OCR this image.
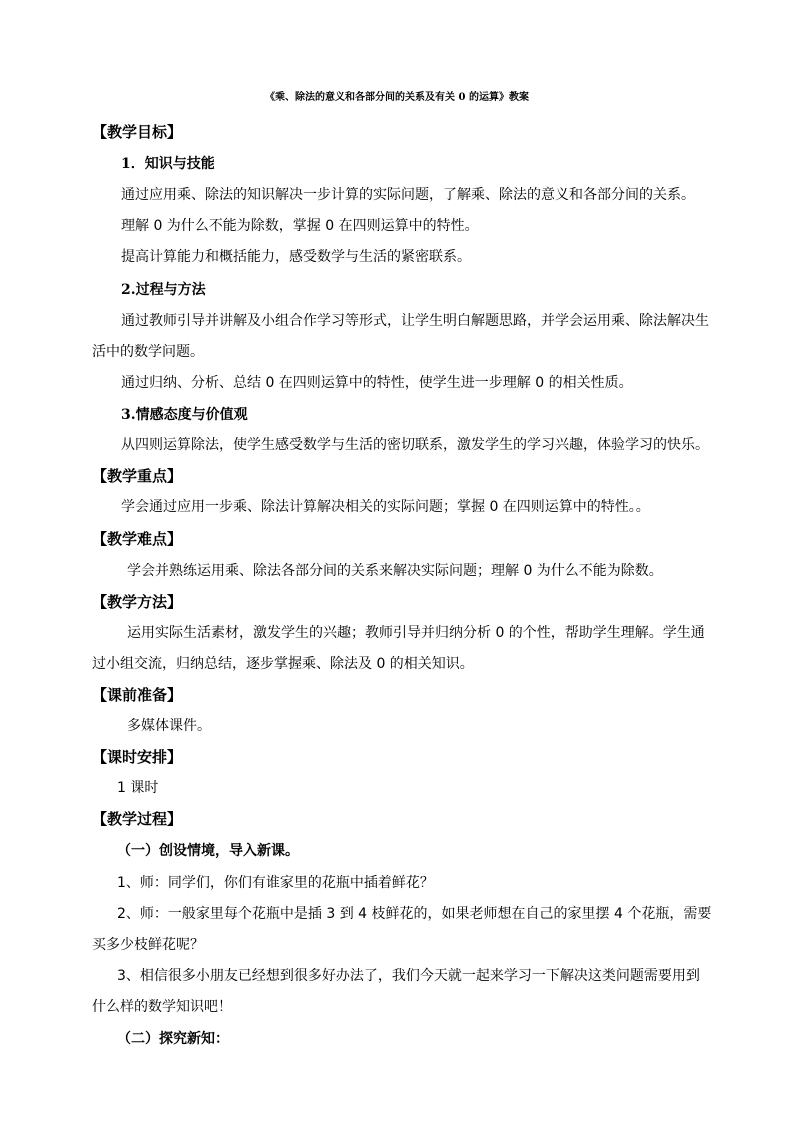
《乘、除法的意义和各部分间的关系及有关 0 的运算》教案
【教学目标】
1．知识与技能
通过应用乘、除法的知识解决一步计算的实际问题，了解乘、除法的意义和各部分间的关系。
理解 0 为什么不能为除数，掌握 0 在四则运算中的特性。
提高计算能力和概括能力，感受数学与生活的紧密联系。
2.过程与方法
通过教师引导并讲解及小组合作学习等形式，让学生明白解题思路，并学会运用乘、除法解决生
活中的数学问题。
通过归纳、分析、总结 0 在四则运算中的特性，使学生进一步理解 0 的相关性质。
3.情感态度与价值观
从四则运算除法，使学生感受数学与生活的密切联系，激发学生的学习兴趣，体验学习的快乐。
【教学重点】
学会通过应用一步乘、除法计算解决相关的实际问题；掌握 0 在四则运算中的特性。。
【教学难点】
学会并熟练运用乘、除法各部分间的关系来解决实际问题；理解 0 为什么不能为除数。
【教学方法】
运用实际生活素材，激发学生的兴趣；教师引导并归纳分析 0 的个性，帮助学生理解。学生通
过小组交流，归纳总结，逐步掌握乘、除法及 0 的相关知识。
【课前准备】
多媒体课件。
【课时安排】
1 课时
【教学过程】
（一）创设情境，导入新课。
1、师：同学们，你们有谁家里的花瓶中插着鲜花？
2、师：一般家里每个花瓶中是插 3 到 4 枝鲜花的，如果老师想在自己的家里摆 4 个花瓶，需要
买多少枝鲜花呢？
3、相信很多小朋友已经想到很多好办法了，我们今天就一起来学习一下解决这类问题需要用到
什么样的数学知识吧！
（二）探究新知：
